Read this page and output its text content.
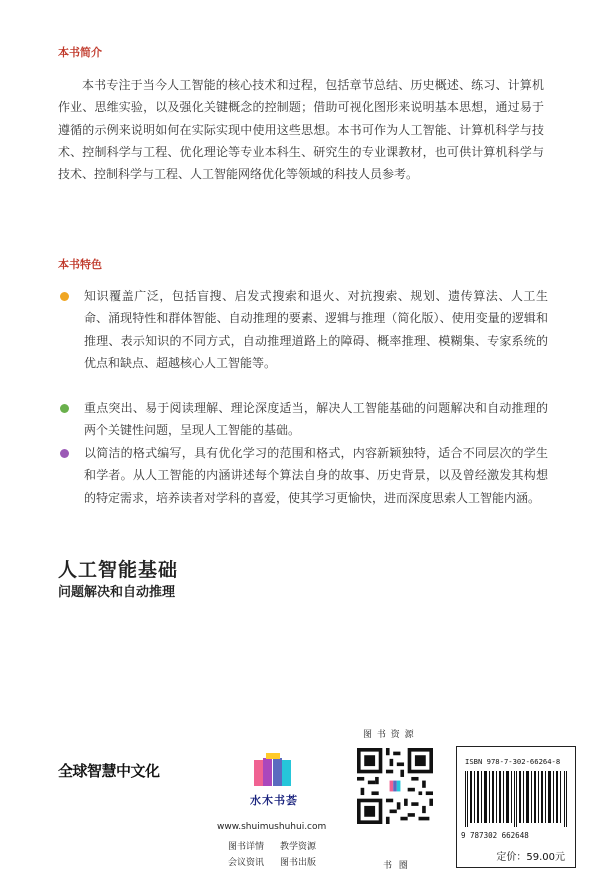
本书简介
本书专注于当今人工智能的核心技术和过程，包括章节总结、历史概述、练习、计算机作业、思维实验，以及强化关键概念的控制题；借助可视化图形来说明基本思想，通过易于遵循的示例来说明如何在实际实现中使用这些思想。本书可作为人工智能、计算机科学与技术、控制科学与工程、优化理论等专业本科生、研究生的专业课教材，也可供计算机科学与技术、控制科学与工程、人工智能网络优化等领域的科技人员参考。
本书特色
知识覆盖广泛，包括盲搜、启发式搜索和退火、对抗搜索、规划、遗传算法、人工生命、涌现特性和群体智能、自动推理的要素、逻辑与推理（简化版）、使用变量的逻辑和推理、表示知识的不同方式，自动推理道路上的障碍、概率推理、模糊集、专家系统的优点和缺点、超越核心人工智能等。
重点突出、易于阅读理解、理论深度适当，解决人工智能基础的问题解决和自动推理的两个关键性问题，呈现人工智能的基础。
以简洁的格式编写，具有优化学习的范围和格式，内容新颖独特，适合不同层次的学生和学者。从人工智能的内涵讲述每个算法自身的故事、历史背景，以及曾经激发其构想的特定需求，培养读者对学科的喜爱，使其学习更愉快，进而深度思索人工智能内涵。
人工智能基础
问题解决和自动推理
全球智慧中文化
水木书荟
www.shuimushuhui.com
图书详情 教学资源
会议资讯 图书出版
图 书 资 源
书 圈
ISBN 978-7-302-66264-8
9 787302 662648
定价：59.00元
